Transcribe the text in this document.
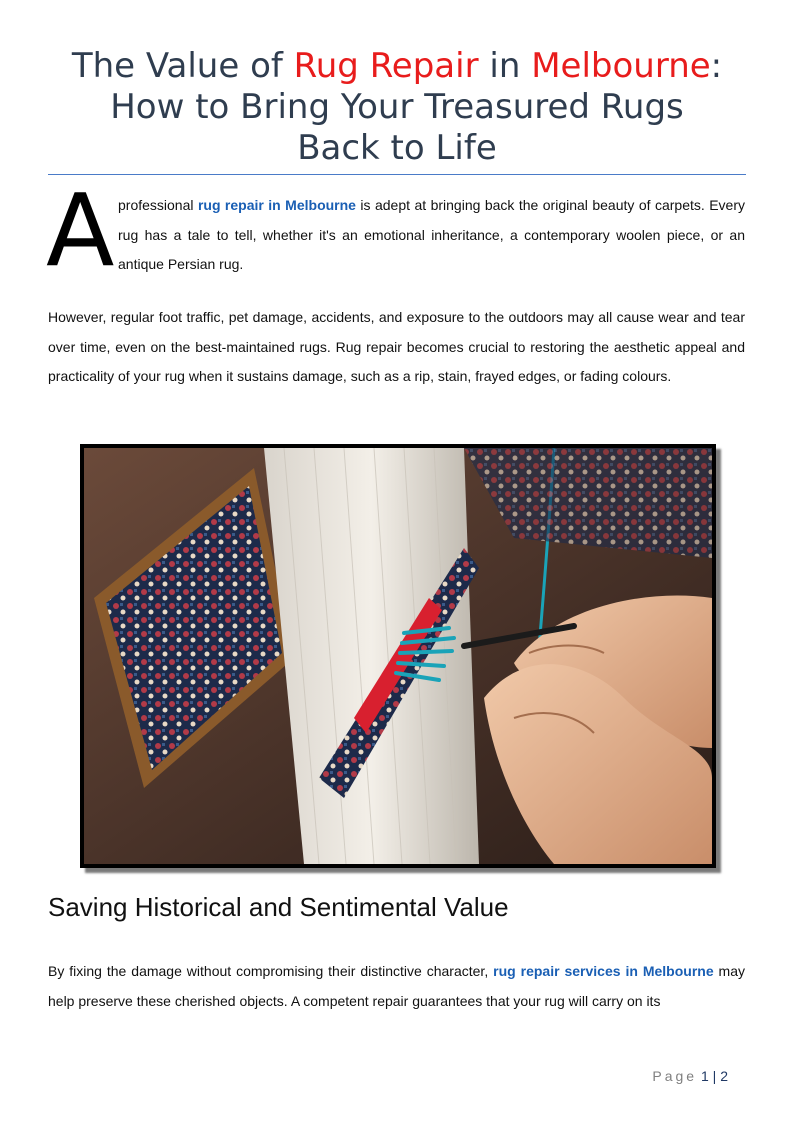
The Value of Rug Repair in Melbourne:
How to Bring Your Treasured Rugs
Back to Life
A professional rug repair in Melbourne is adept at bringing back the original beauty of carpets. Every rug has a tale to tell, whether it's an emotional inheritance, a contemporary woolen piece, or an antique Persian rug.

However, regular foot traffic, pet damage, accidents, and exposure to the outdoors may all cause wear and tear over time, even on the best-maintained rugs. Rug repair becomes crucial to restoring the aesthetic appeal and practicality of your rug when it sustains damage, such as a rip, stain, frayed edges, or fading colours.

Saving Historical and Sentimental Value

By fixing the damage without compromising their distinctive character, rug repair services in Melbourne may help preserve these cherished objects. A competent repair guarantees that your rug will carry on its

Page 1 | 2
